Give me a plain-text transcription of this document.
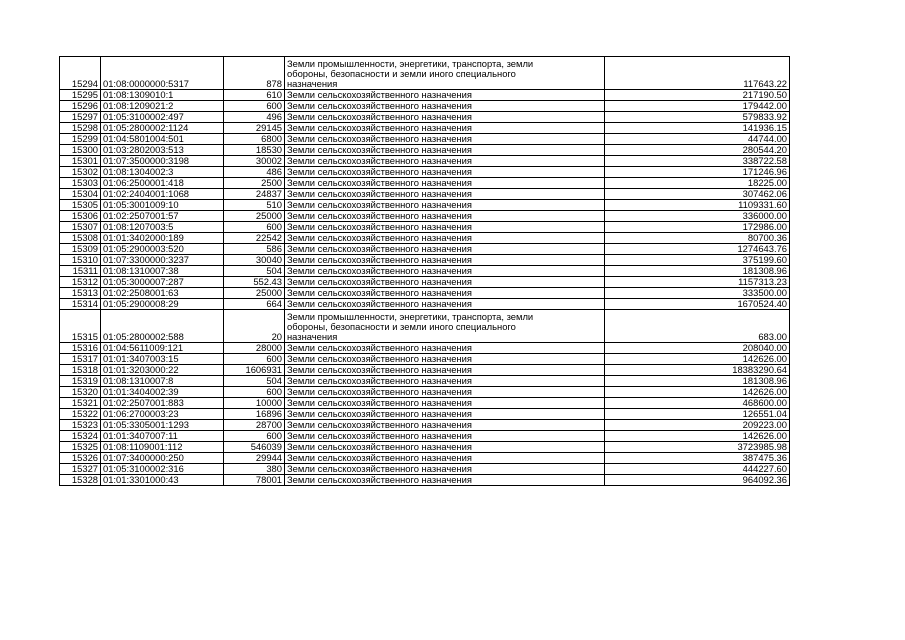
15294	01:08:0000000:5317	878	Земли промышленности, энергетики, транспорта, земли
обороны, безопасности и земли иного специального
назначения	117643.22
15295	01:08:1309010:1	610	Земли сельскохозяйственного назначения	217190.50
15296	01:08:1209021:2	600	Земли сельскохозяйственного назначения	179442.00
15297	01:05:3100002:497	496	Земли сельскохозяйственного назначения	579833.92
15298	01:05:2800002:1124	29145	Земли сельскохозяйственного назначения	141936.15
15299	01:04:5801004:501	6800	Земли сельскохозяйственного назначения	44744.00
15300	01:03:2802003:513	18530	Земли сельскохозяйственного назначения	280544.20
15301	01:07:3500000:3198	30002	Земли сельскохозяйственного назначения	338722.58
15302	01:08:1304002:3	486	Земли сельскохозяйственного назначения	171246.96
15303	01:06:2500001:418	2500	Земли сельскохозяйственного назначения	18225.00
15304	01:02:2404001:1068	24837	Земли сельскохозяйственного назначения	307462.06
15305	01:05:3001009:10	510	Земли сельскохозяйственного назначения	1109331.60
15306	01:02:2507001:57	25000	Земли сельскохозяйственного назначения	336000.00
15307	01:08:1207003:5	600	Земли сельскохозяйственного назначения	172986.00
15308	01:01:3402000:189	22542	Земли сельскохозяйственного назначения	80700.36
15309	01:05:2900003:520	586	Земли сельскохозяйственного назначения	1274643.76
15310	01:07:3300000:3237	30040	Земли сельскохозяйственного назначения	375199.60
15311	01:08:1310007:38	504	Земли сельскохозяйственного назначения	181308.96
15312	01:05:3000007:287	552.43	Земли сельскохозяйственного назначения	1157313.23
15313	01:02:2508001:63	25000	Земли сельскохозяйственного назначения	333500.00
15314	01:05:2900008:29	664	Земли сельскохозяйственного назначения	1670524.40
15315	01:05:2800002:588	20	Земли промышленности, энергетики, транспорта, земли
обороны, безопасности и земли иного специального
назначения	683.00
15316	01:04:5611009:121	28000	Земли сельскохозяйственного назначения	208040.00
15317	01:01:3407003:15	600	Земли сельскохозяйственного назначения	142626.00
15318	01:01:3203000:22	1606931	Земли сельскохозяйственного назначения	18383290.64
15319	01:08:1310007:8	504	Земли сельскохозяйственного назначения	181308.96
15320	01:01:3404002:39	600	Земли сельскохозяйственного назначения	142626.00
15321	01:02:2507001:883	10000	Земли сельскохозяйственного назначения	468600.00
15322	01:06:2700003:23	16896	Земли сельскохозяйственного назначения	126551.04
15323	01:05:3305001:1293	28700	Земли сельскохозяйственного назначения	209223.00
15324	01:01:3407007:11	600	Земли сельскохозяйственного назначения	142626.00
15325	01:08:1109001:112	546039	Земли сельскохозяйственного назначения	3723985.98
15326	01:07:3400000:250	29944	Земли сельскохозяйственного назначения	387475.36
15327	01:05:3100002:316	380	Земли сельскохозяйственного назначения	444227.60
15328	01:01:3301000:43	78001	Земли сельскохозяйственного назначения	964092.36
